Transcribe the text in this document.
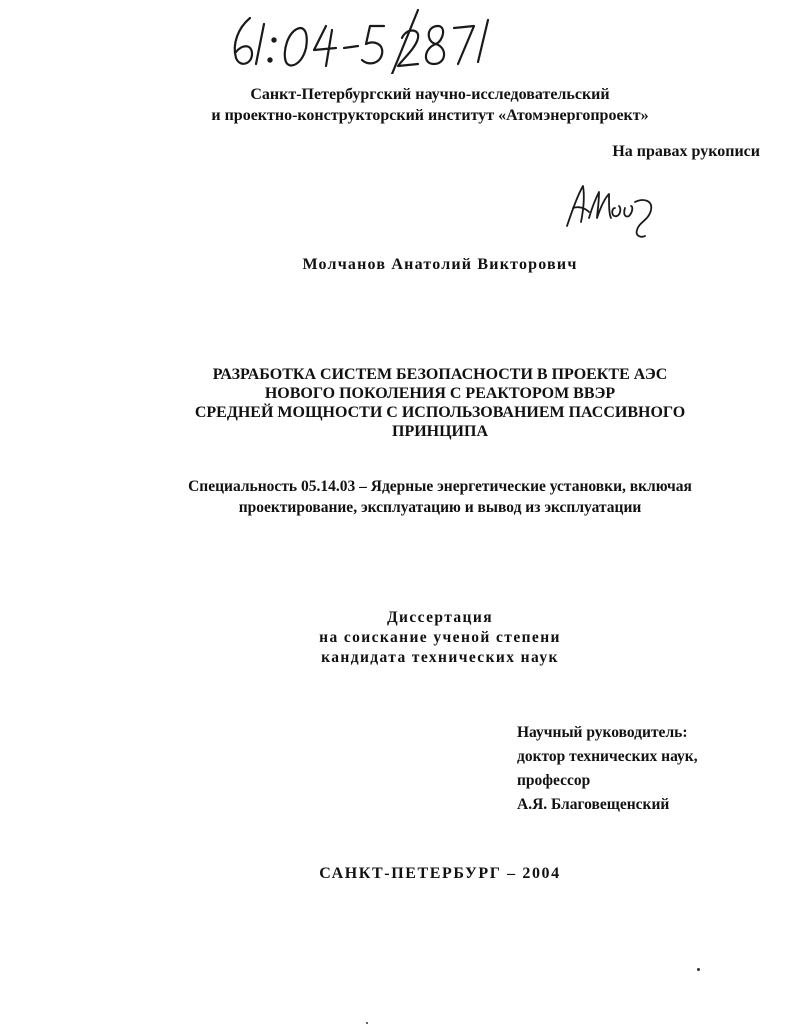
Санкт-Петербургский научно-исследовательский
и проектно-конструкторский институт «Атомэнергопроект»
На правах рукописи
Молчанов Анатолий Викторович
РАЗРАБОТКА СИСТЕМ БЕЗОПАСНОСТИ В ПРОЕКТЕ АЭС
НОВОГО ПОКОЛЕНИЯ С РЕАКТОРОМ ВВЭР
СРЕДНЕЙ МОЩНОСТИ С ИСПОЛЬЗОВАНИЕМ ПАССИВНОГО
ПРИНЦИПА
Специальность 05.14.03 – Ядерные энергетические установки, включая
проектирование, эксплуатацию и вывод из эксплуатации
Диссертация
на соискание ученой степени
кандидата технических наук
Научный руководитель:
доктор технических наук,
профессор
А.Я. Благовещенский
САНКТ-ПЕТЕРБУРГ – 2004
